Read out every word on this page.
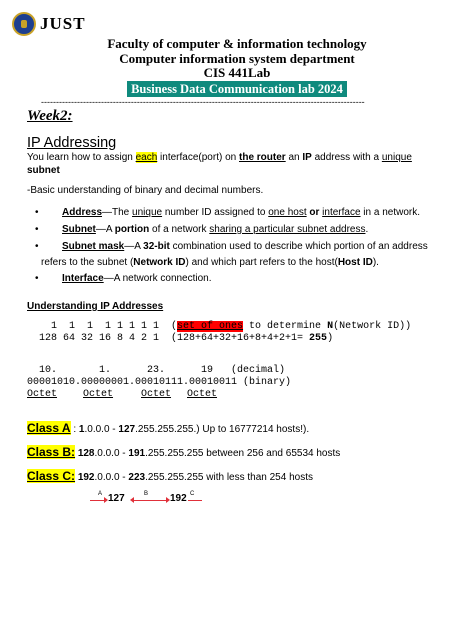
JUST
Faculty of computer & information technology
Computer information system department
CIS 441Lab
Business Data Communication lab 2024
------------------------------------------------------------------------------------------------------------
Week2:
IP Addressing
You learn how to assign each interface(port) on the router an IP address with a unique
subnet
-Basic understanding of binary and decimal numbers.
• Address—The unique number ID assigned to one host or interface in a network.
• Subnet—A portion of a network sharing a particular subnet address.
• Subnet mask—A 32-bit combination used to describe which portion of an address
refers to the subnet (Network ID) and which part refers to the host(Host ID).
• Interface—A network connection.
Understanding IP Addresses
1  1  1  1 1 1 1 1  (set of ones to determine N(Network ID))
128 64 32 16 8 4 2 1  (128+64+32+16+8+4+2+1= 255)
10.       1.      23.      19   (decimal)
00001010.00000001.00010111.00010011 (binary)
Octet	Octet	Octet Octet
Class A : 1.0.0.0 - 127.255.255.255.) Up to 16777214 hosts!).
Class B: 128.0.0.0 - 191.255.255.255 between 256 and 65534 hosts
Class C: 192.0.0.0 - 223.255.255.255 with less than 254 hosts
A	B	C
127	192
